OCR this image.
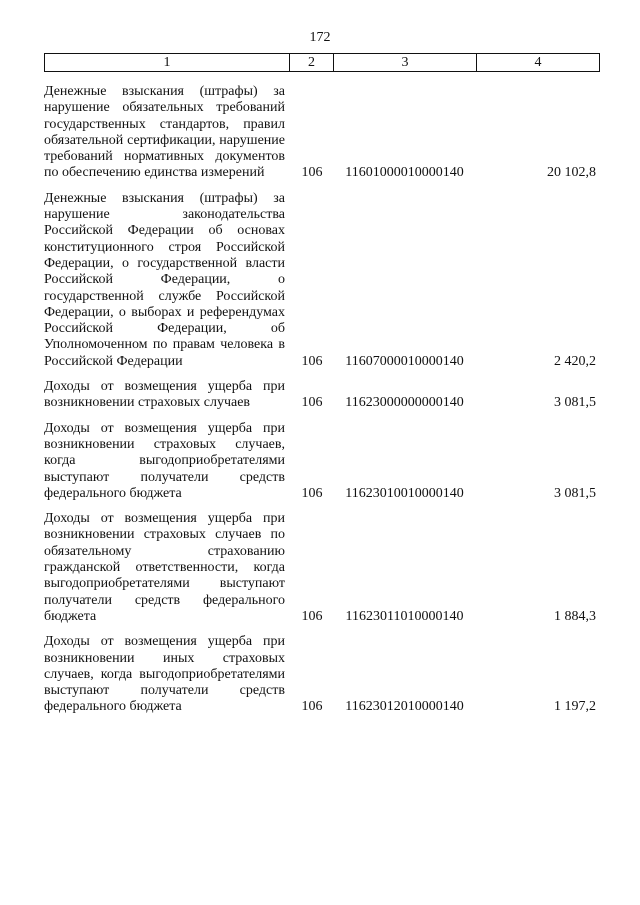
172
1	2	3	4
Денежные взыскания (штрафы) за нарушение обязательных требований государственных стандартов, правил обязательной сертификации, нарушение требований нормативных документов по обеспечению единства измерений	106	11601000010000140	20 102,8
Денежные взыскания (штрафы) за нарушение законодательства Российской Федерации об основах конституционного строя Российской Федерации, о государственной власти Российской Федерации, о государственной службе Российской Федерации, о выборах и референдумах Российской Федерации, об Уполномоченном по правам человека в Российской Федерации	106	11607000010000140	2 420,2
Доходы от возмещения ущерба при возникновении страховых случаев	106	11623000000000140	3 081,5
Доходы от возмещения ущерба при возникновении страховых случаев, когда выгодоприобретателями выступают получатели средств федерального бюджета	106	11623010010000140	3 081,5
Доходы от возмещения ущерба при возникновении страховых случаев по обязательному страхованию гражданской ответственности, когда выгодоприобретателями выступают получатели средств федерального бюджета	106	11623011010000140	1 884,3
Доходы от возмещения ущерба при возникновении иных страховых случаев, когда выгодоприобретателями выступают получатели средств федерального бюджета	106	11623012010000140	1 197,2
